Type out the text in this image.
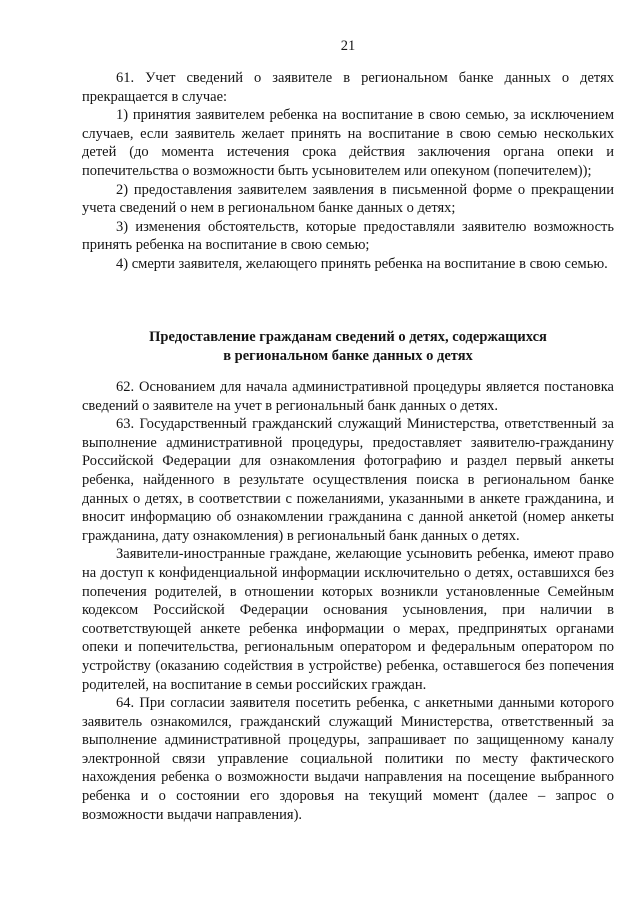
21

61. Учет сведений о заявителе в региональном банке данных о детях прекращается в случае:

1) принятия заявителем ребенка на воспитание в свою семью, за исключением случаев, если заявитель желает принять на воспитание в свою семью нескольких детей (до момента истечения срока действия заключения органа опеки и попечительства о возможности быть усыновителем или опекуном (попечителем));

2) предоставления заявителем заявления в письменной форме о прекращении учета сведений о нем в региональном банке данных о детях;

3) изменения обстоятельств, которые предоставляли заявителю возможность принять ребенка на воспитание в свою семью;

4) смерти заявителя, желающего принять ребенка на воспитание в свою семью.

Предоставление гражданам сведений о детях, содержащихся
в региональном банке данных о детях

62. Основанием для начала административной процедуры является постановка сведений о заявителе на учет в региональный банк данных о детях.

63. Государственный гражданский служащий Министерства, ответственный за выполнение административной процедуры, предоставляет заявителю-гражданину Российской Федерации для ознакомления фотографию и раздел первый анкеты ребенка, найденного в результате осуществления поиска в региональном банке данных о детях, в соответствии с пожеланиями, указанными в анкете гражданина, и вносит информацию об ознакомлении гражданина с данной анкетой (номер анкеты гражданина, дату ознакомления) в региональный банк данных о детях.

Заявители-иностранные граждане, желающие усыновить ребенка, имеют право на доступ к конфиденциальной информации исключительно о детях, оставшихся без попечения родителей, в отношении которых возникли установленные Семейным кодексом Российской Федерации основания усыновления, при наличии в соответствующей анкете ребенка информации о мерах, предпринятых органами опеки и попечительства, региональным оператором и федеральным оператором по устройству (оказанию содействия в устройстве) ребенка, оставшегося без попечения родителей, на воспитание в семьи российских граждан.

64. При согласии заявителя посетить ребенка, с анкетными данными которого заявитель ознакомился, гражданский служащий Министерства, ответственный за выполнение административной процедуры, запрашивает по защищенному каналу электронной связи управление социальной политики по месту фактического нахождения ребенка о возможности выдачи направления на посещение выбранного ребенка и о состоянии его здоровья на текущий момент (далее – запрос о возможности выдачи направления).
